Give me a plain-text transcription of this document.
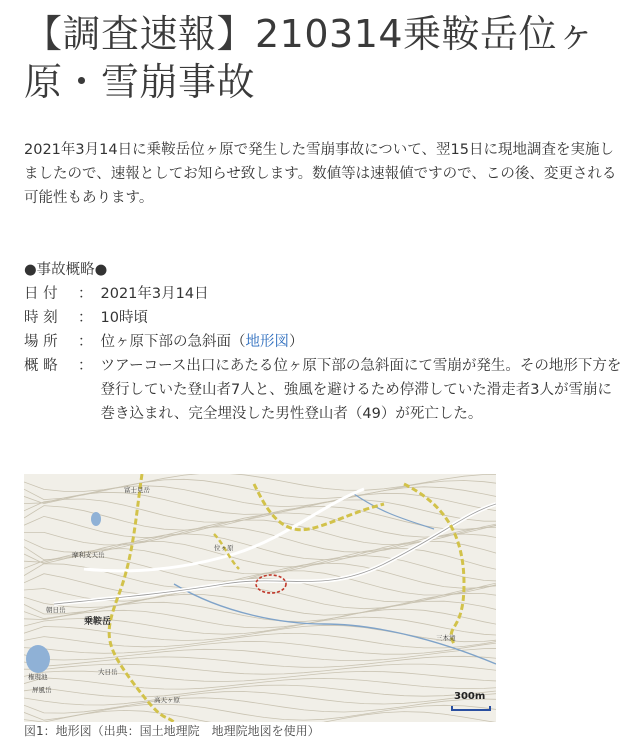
【調査速報】210314乗鞍岳位ヶ原・雪崩事故

2021年3月14日に乗鞍岳位ヶ原で発生した雪崩事故について、翌15日に現地調査を実施しましたので、速報としてお知らせ致します。数値等は速報値ですので、この後、変更される可能性もあります。

●事故概略●
日 付	： 2021年3月14日
時 刻	： 10時頃
場 所	： 位ヶ原下部の急斜面（地形図）
概 略	： ツアーコース出口にあたる位ヶ原下部の急斜面にて雪崩が発生。その地形下方を登行していた登山者7人と、強風を避けるため停滞していた滑走者3人が雪崩に巻き込まれ、完全埋没した男性登山者（49）が死亡した。
富士見岳
摩利支天岳
位ヶ原
朝日岳
乗鞍岳
高天ヶ原
権現池
大日岳
屏風岳
三本滝
300m
図1：地形図（出典：国土地理院　地理院地図を使用）
